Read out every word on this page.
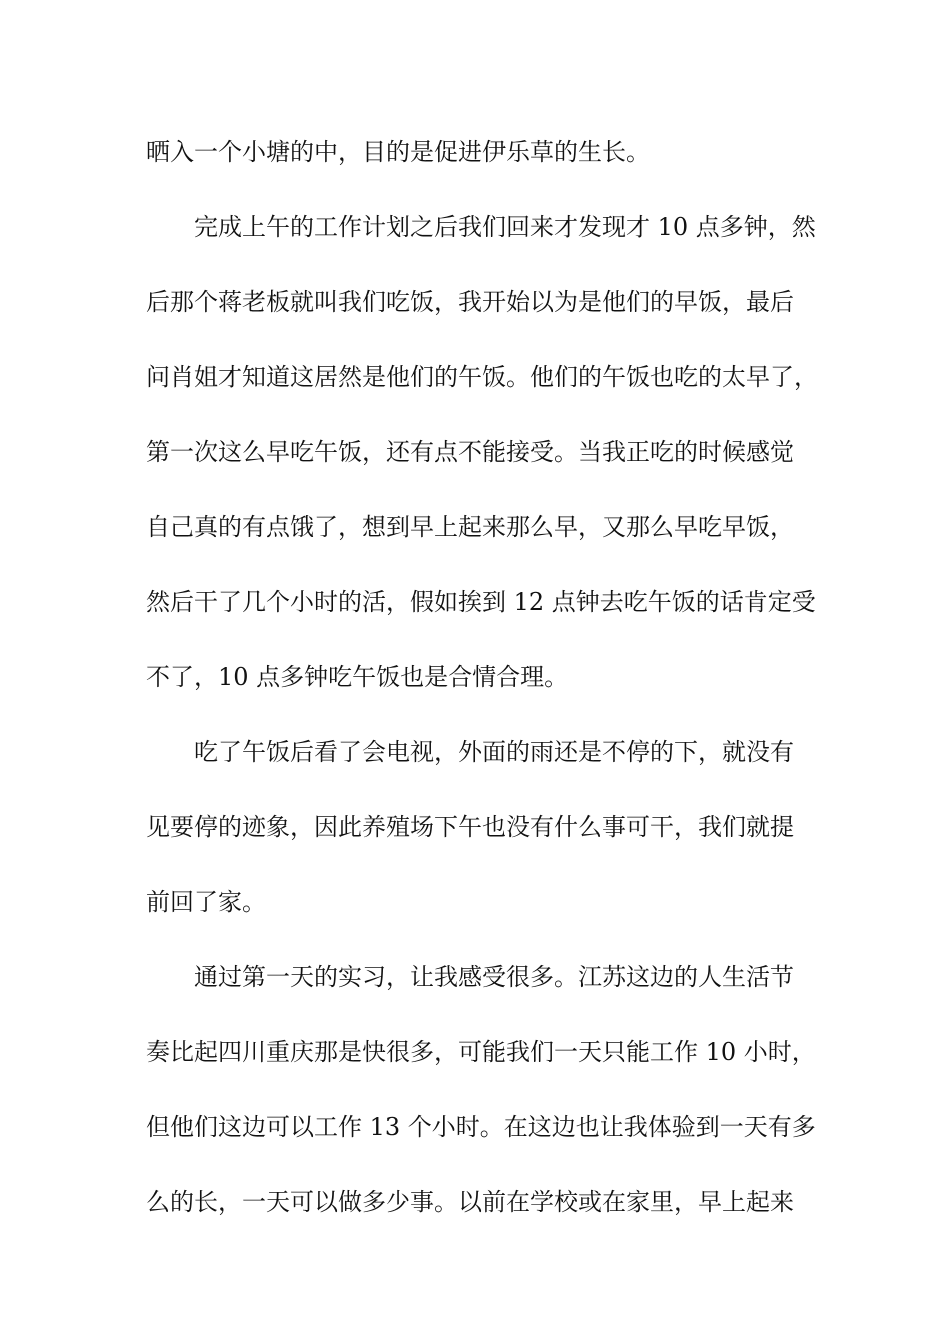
晒入一个小塘的中，目的是促进伊乐草的生长。
完成上午的工作计划之后我们回来才发现才 10 点多钟，然
后那个蒋老板就叫我们吃饭，我开始以为是他们的早饭，最后
问肖姐才知道这居然是他们的午饭。他们的午饭也吃的太早了，
第一次这么早吃午饭，还有点不能接受。当我正吃的时候感觉
自己真的有点饿了，想到早上起来那么早，又那么早吃早饭，
然后干了几个小时的活，假如挨到 12 点钟去吃午饭的话肯定受
不了，10 点多钟吃午饭也是合情合理。
吃了午饭后看了会电视，外面的雨还是不停的下，就没有
见要停的迹象，因此养殖场下午也没有什么事可干，我们就提
前回了家。
通过第一天的实习，让我感受很多。江苏这边的人生活节
奏比起四川重庆那是快很多，可能我们一天只能工作 10 小时，
但他们这边可以工作 13 个小时。在这边也让我体验到一天有多
么的长，一天可以做多少事。以前在学校或在家里，早上起来
